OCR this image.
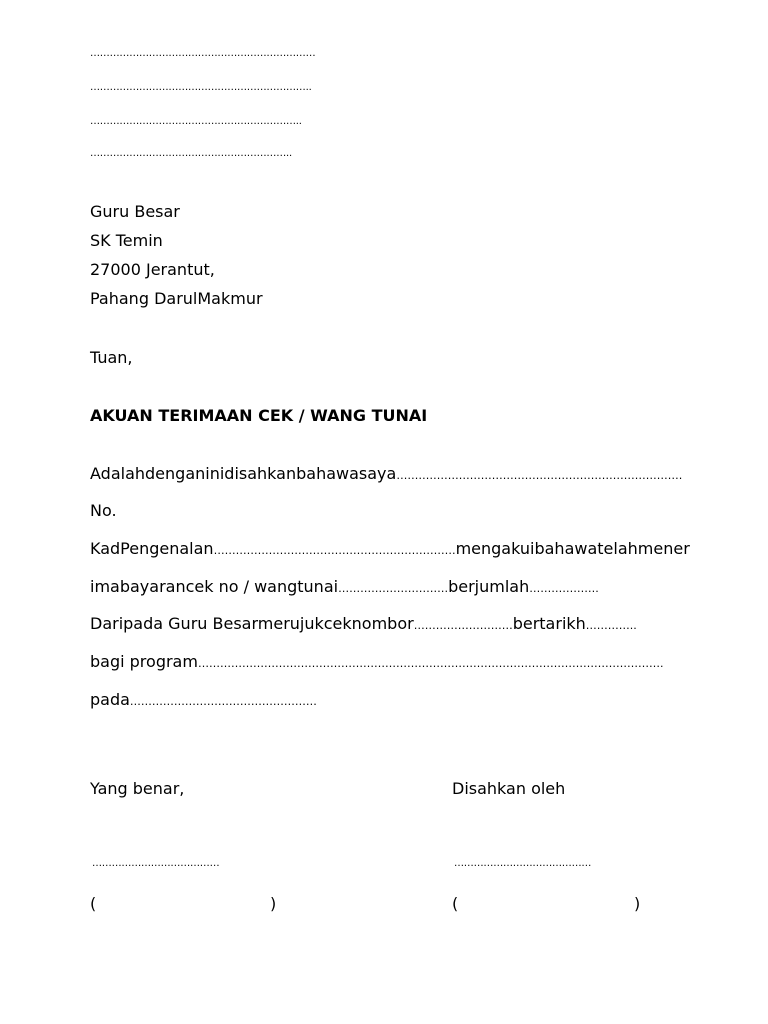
……………………………………………………………
…………………………………………………………..
………………………………………………………..
……………………………………………………..
Guru Besar
SK Temin
27000 Jerantut,
Pahang DarulMakmur
Tuan,
AKUAN TERIMAAN CEK / WANG TUNAI
Adalahdenganinidisahkanbahawasaya……………………………………………………………………
No.
KadPengenalan…………………………………………………………mengakuibahawatelahmener
imabayarancek no / wangtunai…………………………berjumlah……………….
Daripada Guru Besarmerujukceknombor………………………bertarikh…………..
bagi program……………………………………………………………………………………………………………….
pada……………………………………………
Yang benar,	Disahkan oleh
…………………………………	……………………………………
(	)	(	)
